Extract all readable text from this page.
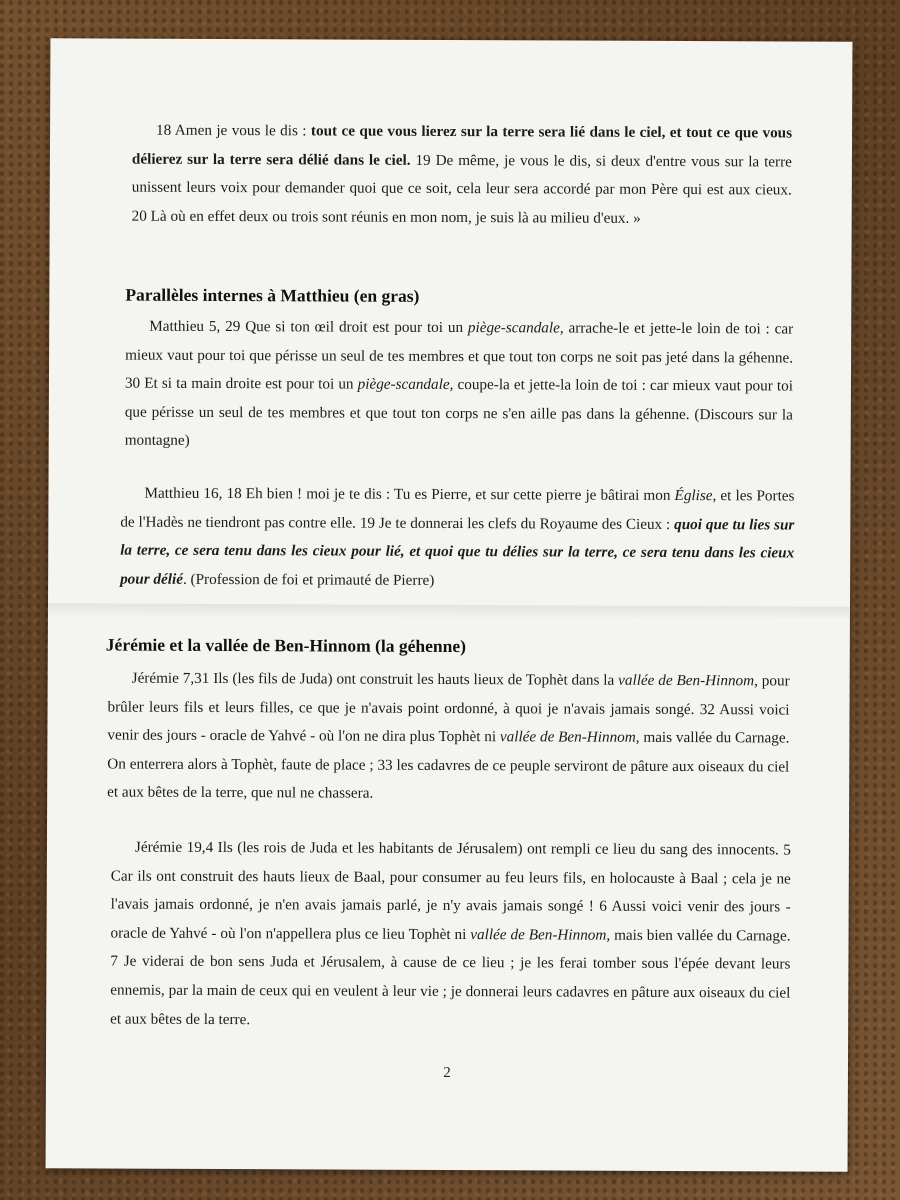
18 Amen je vous le dis : tout ce que vous lierez sur la terre sera lié dans le ciel, et tout ce que vous délierez sur la terre sera délié dans le ciel. 19 De même, je vous le dis, si deux d'entre vous sur la terre unissent leurs voix pour demander quoi que ce soit, cela leur sera accordé par mon Père qui est aux cieux. 20 Là où en effet deux ou trois sont réunis en mon nom, je suis là au milieu d'eux. »

Parallèles internes à Matthieu (en gras)

Matthieu 5, 29 Que si ton œil droit est pour toi un piège-scandale, arrache-le et jette-le loin de toi : car mieux vaut pour toi que périsse un seul de tes membres et que tout ton corps ne soit pas jeté dans la géhenne. 30 Et si ta main droite est pour toi un piège-scandale, coupe-la et jette-la loin de toi : car mieux vaut pour toi que périsse un seul de tes membres et que tout ton corps ne s'en aille pas dans la géhenne. (Discours sur la montagne)

Matthieu 16, 18 Eh bien ! moi je te dis : Tu es Pierre, et sur cette pierre je bâtirai mon Église, et les Portes de l'Hadès ne tiendront pas contre elle. 19 Je te donnerai les clefs du Royaume des Cieux : quoi que tu lies sur la terre, ce sera tenu dans les cieux pour lié, et quoi que tu délies sur la terre, ce sera tenu dans les cieux pour délié. (Profession de foi et primauté de Pierre)

Jérémie et la vallée de Ben-Hinnom (la géhenne)

Jérémie 7,31 Ils (les fils de Juda) ont construit les hauts lieux de Tophèt dans la vallée de Ben-Hinnom, pour brûler leurs fils et leurs filles, ce que je n'avais point ordonné, à quoi je n'avais jamais songé. 32 Aussi voici venir des jours - oracle de Yahvé - où l'on ne dira plus Tophèt ni vallée de Ben-Hinnom, mais vallée du Carnage. On enterrera alors à Tophèt, faute de place ; 33 les cadavres de ce peuple serviront de pâture aux oiseaux du ciel et aux bêtes de la terre, que nul ne chassera.

Jérémie 19,4 Ils (les rois de Juda et les habitants de Jérusalem) ont rempli ce lieu du sang des innocents. 5 Car ils ont construit des hauts lieux de Baal, pour consumer au feu leurs fils, en holocauste à Baal ; cela je ne l'avais jamais ordonné, je n'en avais jamais parlé, je n'y avais jamais songé ! 6 Aussi voici venir des jours - oracle de Yahvé - où l'on n'appellera plus ce lieu Tophèt ni vallée de Ben-Hinnom, mais bien vallée du Carnage. 7 Je viderai de bon sens Juda et Jérusalem, à cause de ce lieu ; je les ferai tomber sous l'épée devant leurs ennemis, par la main de ceux qui en veulent à leur vie ; je donnerai leurs cadavres en pâture aux oiseaux du ciel et aux bêtes de la terre.

2
